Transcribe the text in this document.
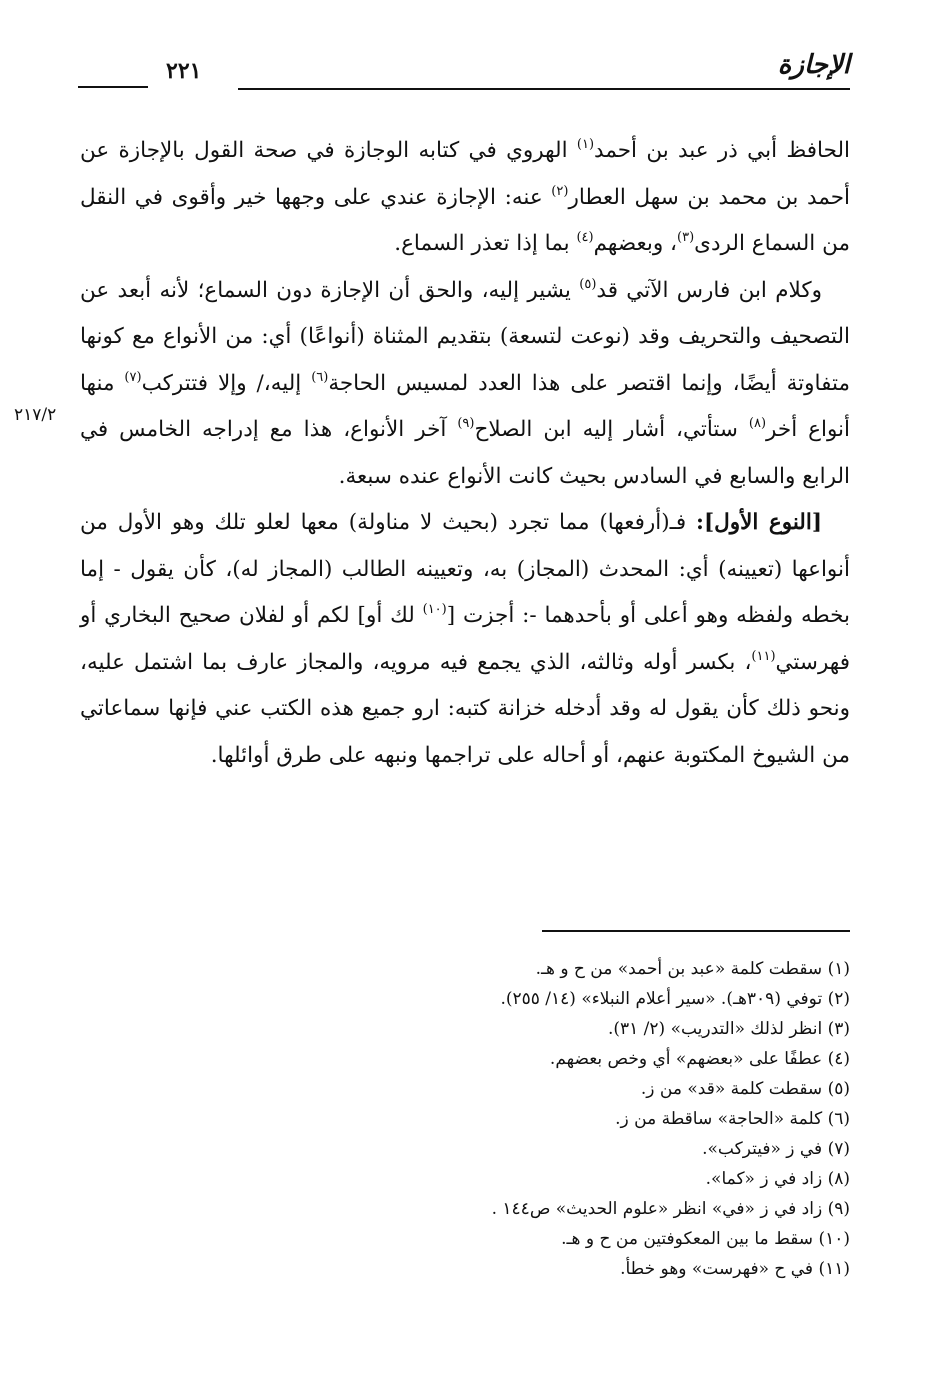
الإجازة
٢٢١
٢١٧/٢

الحافظ أبي ذر عبد بن أحمد$^{(١)}$ الهروي في كتابه الوجازة في صحة القول بالإجازة عن أحمد بن محمد بن سهل العطار$^{(٢)}$ عنه: الإجازة عندي على وجهها خير وأقوى في النقل من السماع الردى$^{(٣)}$، وبعضهم$^{(٤)}$ بما إذا تعذر السماع.

وكلام ابن فارس الآتي قد$^{(٥)}$ يشير إليه، والحق أن الإجازة دون السماع؛ لأنه أبعد عن التصحيف والتحريف وقد (نوعت لتسعة) بتقديم المثناة (أنواعًا) أي: من الأنواع مع كونها متفاوتة أيضًا، وإنما اقتصر على هذا العدد لمسيس الحاجة$^{(٦)}$ إليه،/ وإلا فتتركب$^{(٧)}$ منها أنواع أخر$^{(٨)}$ ستأتي، أشار إليه ابن الصلاح$^{(٩)}$ آخر الأنواع، هذا مع إدراجه الخامس في الرابع والسابع في السادس بحيث كانت الأنواع عنده سبعة.

[النوع الأول]: فـ(أرفعها) مما تجرد (بحيث لا مناولة) معها لعلو تلك وهو الأول من أنواعها (تعيينه) أي: المحدث (المجاز) به، وتعيينه الطالب (المجاز له)، كأن يقول - إما بخطه ولفظه وهو أعلى أو بأحدهما -: أجزت [$^{(١٠)}$ لك أو] لكم أو لفلان صحيح البخاري أو فهرستي$^{(١١)}$، بكسر أوله وثالثه، الذي يجمع فيه مرويه، والمجاز عارف بما اشتمل عليه، ونحو ذلك كأن يقول له وقد أدخله خزانة كتبه: ارو جميع هذه الكتب عني فإنها سماعاتي من الشيوخ المكتوبة عنهم، أو أحاله على تراجمها ونبهه على طرق أوائلها.

(١) سقطت كلمة «عبد بن أحمد» من ح و هـ.
(٢) توفي (٣٠٩هـ). «سير أعلام النبلاء» (١٤/ ٢٥٥).
(٣) انظر لذلك «التدريب» (٢/ ٣١).
(٤) عطفًا على «بعضهم» أي وخص بعضهم.
(٥) سقطت كلمة «قد» من ز.
(٦) كلمة «الحاجة» ساقطة من ز.
(٧) في ز «فيتركب».
(٨) زاد في ز «كما».
(٩) زاد في ز «في» انظر «علوم الحديث» ص١٤٤ .
(١٠) سقط ما بين المعكوفتين من ح و هـ.
(١١) في ح «فهرست» وهو خطأ.
